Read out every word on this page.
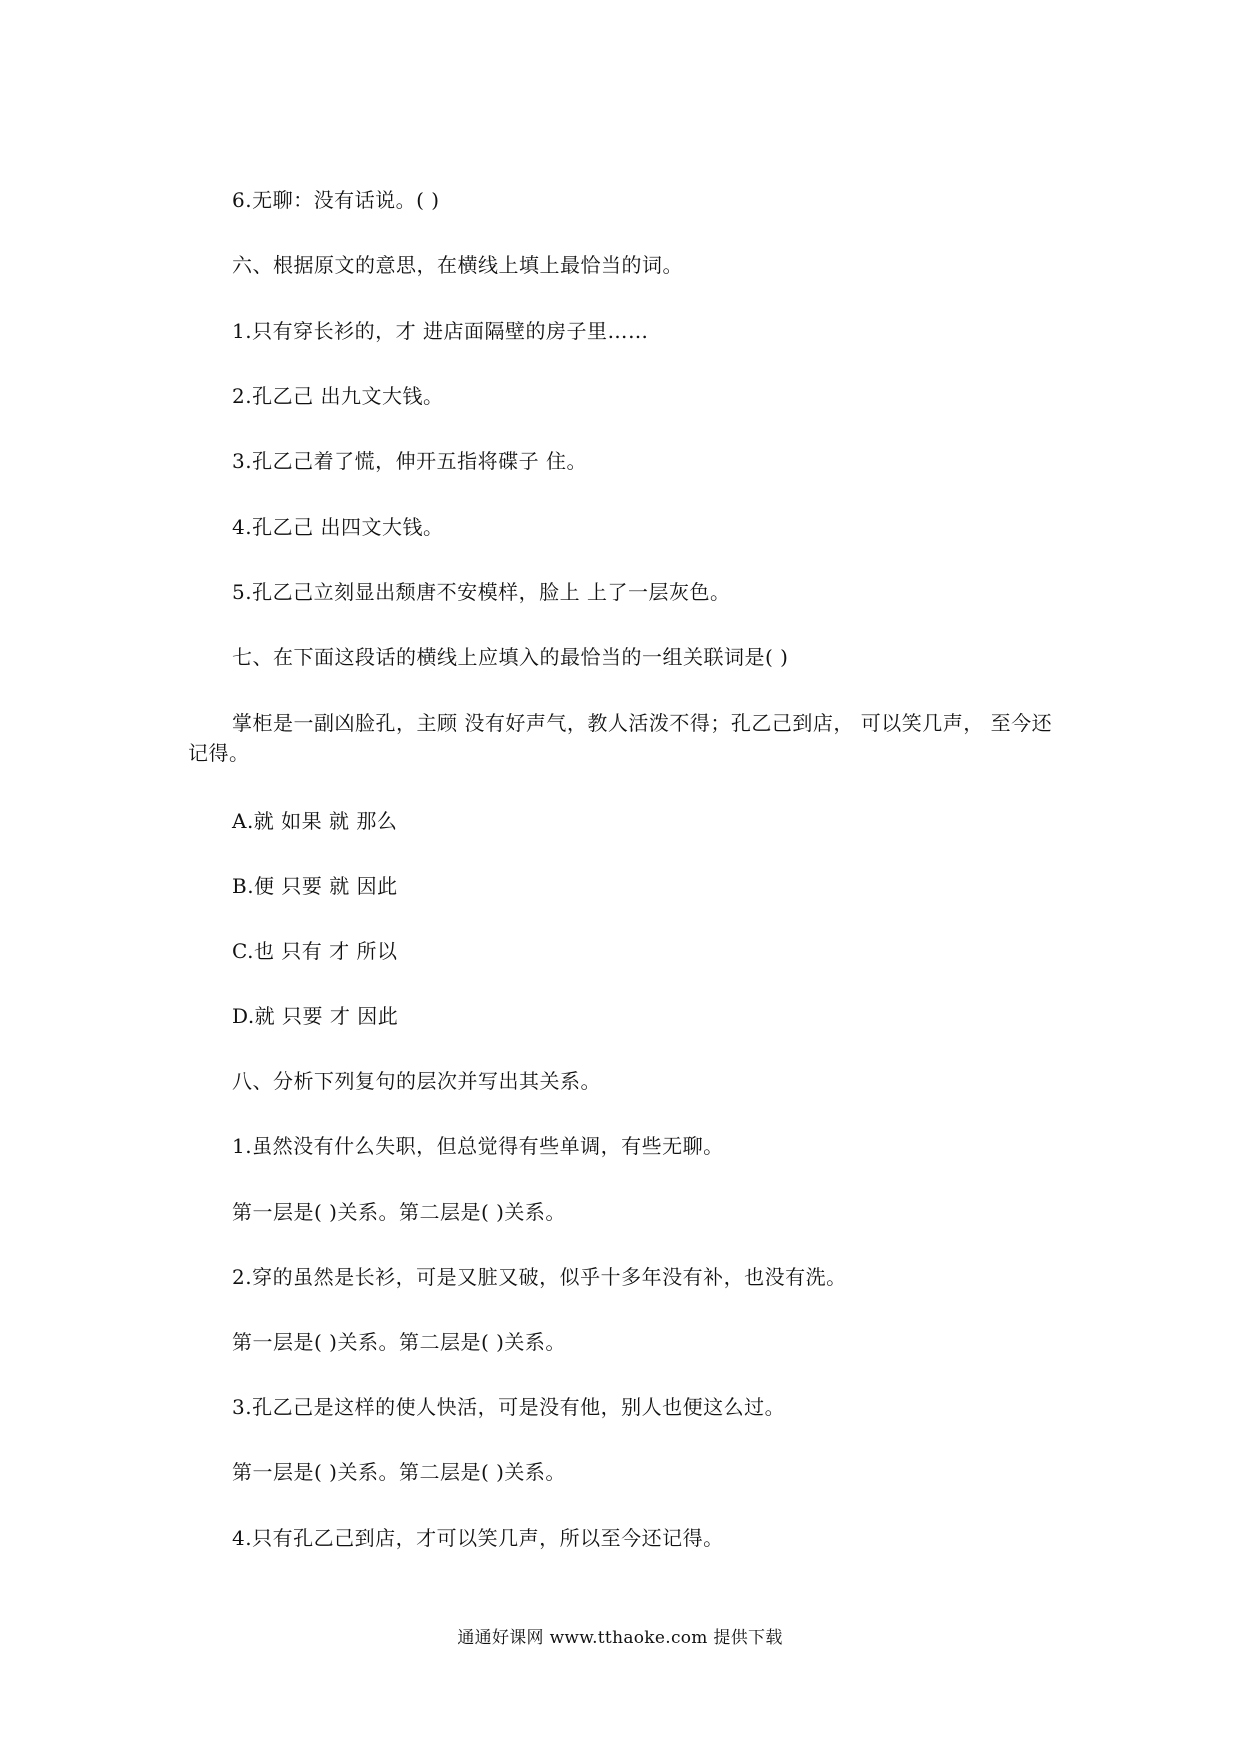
6.无聊：没有话说。( )
六、根据原文的意思，在横线上填上最恰当的词。
1.只有穿长衫的，才 进店面隔壁的房子里……
2.孔乙己 出九文大钱。
3.孔乙己着了慌，伸开五指将碟子 住。
4.孔乙己 出四文大钱。
5.孔乙己立刻显出颓唐不安模样，脸上 上了一层灰色。
七、在下面这段话的横线上应填入的最恰当的一组关联词是( )
掌柜是一副凶脸孔，主顾 没有好声气，教人活泼不得；孔乙己到店， 可以笑几声， 至今还记得。
A.就 如果 就 那么
B.便 只要 就 因此
C.也 只有 才 所以
D.就 只要 才 因此
八、分析下列复句的层次并写出其关系。
1.虽然没有什么失职，但总觉得有些单调，有些无聊。
第一层是( )关系。第二层是( )关系。
2.穿的虽然是长衫，可是又脏又破，似乎十多年没有补，也没有洗。
第一层是( )关系。第二层是( )关系。
3.孔乙己是这样的使人快活，可是没有他，别人也便这么过。
第一层是( )关系。第二层是( )关系。
4.只有孔乙己到店，才可以笑几声，所以至今还记得。
通通好课网 www.tthaoke.com 提供下载
